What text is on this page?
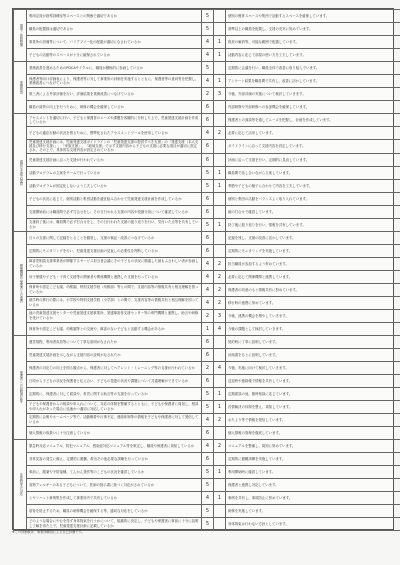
環境・体制整備	利用定員が指導訓練室等スペースとの関係で適切であるか	5		個別の療育スペースや集団で活動するスペースを確保しています。
	職員の配置数は適切であるか	5		基準以上の職員を配置し、支援の充実に努めています。
	事業所の設備等について、バリアフリー化の配慮が適切になされているか	4	1	段差の解消等、可能な範囲で配慮しています。
	子どもの活動等のスペースが十分に確保されているか	4	1	活動内容に応じて部屋の使い方を工夫しています。
業務改善	業務改善を進めるためのPDCAサイクルに、職員が積極的に参画しているか	5		定期的に会議を行い、職員全体で改善に取り組んでいます。
	保護者等向け評価表により、保護者等に対して事業所の評価を実施するとともに、保護者等の意向等を把握し、業務改善につなげているか	4	1	アンケート結果を職員間で共有し、改善に活かしています。
	第三者による外部評価を行い、評価結果を業務改善につなげているか	2	3	今後、外部評価の実施について検討していきます。
	職員の資質の向上を行うために、研修の機会を確保しているか	6		内部研修や外部研修への参加機会を確保しています。
適切な支援の提供	アセスメントを適切に行い、子どもと保護者のニーズや課題を客観的に分析した上で、児童発達支援計画を作成しているか	6		保護者との面談等を通してニーズを把握し、計画を作成しています。
	子どもの適応行動の状況を図るために、標準化されたアセスメントツールを使用しているか	4	2	必要に応じて活用しています。
	児童発達支援計画には、児童発達支援ガイドラインの「児童発達支援の提供すべき支援」の「発達支援（本人支援及び移行支援）」、「家族支援」、「地域支援」で示す支援内容から子どもの支援に必要な項目が適切に設定され、その上で、具体的な支援内容が設定されているか	6		ガイドラインに沿って支援内容を設定しています。
	児童発達支援計画に沿った支援が行われているか	6		計画に沿って支援を行い、定期的に見直しています。
	活動プログラムの立案をチームで行っているか	5	1	職員間で話し合いながら立案しています。
	活動プログラムが固定化しないよう工夫しているか	5	1	季節や子どもの様子に合わせて内容を工夫しています。
	子どもの状況に応じて、個別活動と集団活動を適宜組み合わせて児童発達支援計画を作成しているか	6		個別と集団の活動をバランスよく取り入れています。
	支援開始前には職員間で必ず打合せをし、その日行われる支援の内容や役割分担について確認しているか	6		朝の打合せで確認しています。
	支援終了後には、職員間で必ず打合せをし、その日行われた支援の振り返りを行い、気付いた点等を共有しているか	5	1	終了後に振り返りを行い、情報を共有しています。
関係機関や保護者との連携	日々の支援に関して記録をとることを徹底し、支援の検証・改善につなげているか	6		記録を残し、支援の改善に活かしています。
	定期的にモニタリングを行い、児童発達支援計画の見直しの必要性を判断しているか	6		定期的にモニタリングを実施しています。
	障害児相談支援事業者が開催するサービス担当者会議にその子どもの状況に精通した最もふさわしい者が参画しているか	4	2	担当職員が参加するよう努めています。
	母子保健や子ども・子育て支援等の関係者や関係機関と連携した支援を行っているか	4	2	必要に応じて関係機関と連携しています。
	保育所や認定こども園、幼稚園、特別支援学校（幼稚部）等との間で、支援内容等の情報共有と相互理解を図っているか	4	2	保護者の同意のもと情報共有に努めています。
	就学時の移行の際には、小学校や特別支援学校（小学部）との間で、支援内容等の情報共有と相互理解を図っているか	4	2	移行時の連携に努めています。
	他の児童発達支援センターや児童発達支援事業所、発達障害者支援センター等の専門機関と連携し、助言や研修を受けているか	2	3	今後、連携の機会を増やしていきます。
	保育所や認定こども園、幼稚園等との交流や、障害のない子どもと活動する機会があるか	1	4	今後の課題として検討していきます。
保護者への説明責任等	運営規程、利用者負担等について丁寧な説明がなされたか	6		契約時に丁寧に説明しています。
	児童発達支援計画を示しながら支援内容の説明がなされたか	6		計画書をもとに説明しています。
	保護者の対応力の向上を図る観点から、保護者に対してペアレント・トレーニング等の支援が行われているか	2	4	今後、実施に向けて検討していきます。
	日頃から子どもの状況を保護者と伝え合い、子どもの発達の状況や課題について共通理解ができているか	6		送迎時や連絡帳で情報を共有しています。
	定期的に、保護者に対して面談や、育児に関する助言等の支援を行っているか	5	1	定期面談の他、随時相談に応じています。
	子どもや保護者からの相談や申入れについて、対応の体制を整備するとともに、子どもや保護者に周知し、相談や申入れがあった場合に迅速かつ適切に対応しているか	5	1	苦情解決の体制を整え、周知しています。
	定期的に会報やホームページ等で、活動概要や行事予定、連絡体制等の情報を子どもや保護者に対して発信しているか	4	2	おたより等で情報を発信しています。
	個人情報の取扱いに十分注意しているか	6		個人情報の管理を徹底しています。
非常時等の対応	緊急時対応マニュアル、防犯マニュアル、感染症対応マニュアル等を策定し、職員や保護者に周知しているか	4	2	マニュアルを整備し、周知に努めています。
	非常災害の発生に備え、定期的に避難、救出その他必要な訓練を行っているか	6		定期的に避難訓練を実施しています。
	事前に、服薬や予防接種、てんかん発作等のこどもの状況を確認しているか	5	1	利用開始時に確認しています。
	食物アレルギーのある子どもについて、医師の指示書に基づく対応がされているか	5		保護者と連携し対応しています。
	ヒヤリハット事例集を作成して事業所内で共有しているか	4	1	事例を共有し、事故防止に努めています。
	虐待を防止するため、職員の研修機会を確保する等、適切な対応をしているか	5		研修を実施しています。
	どのような場合にやむを得ず身体拘束を行うかについて、組織的に決定し、子どもや保護者に事前に十分に説明し了解を得た上で、児童発達支援計画に記載しているか	5		身体拘束は行わない方針としています。
※この評価表は、事業所職員による自己評価です。
